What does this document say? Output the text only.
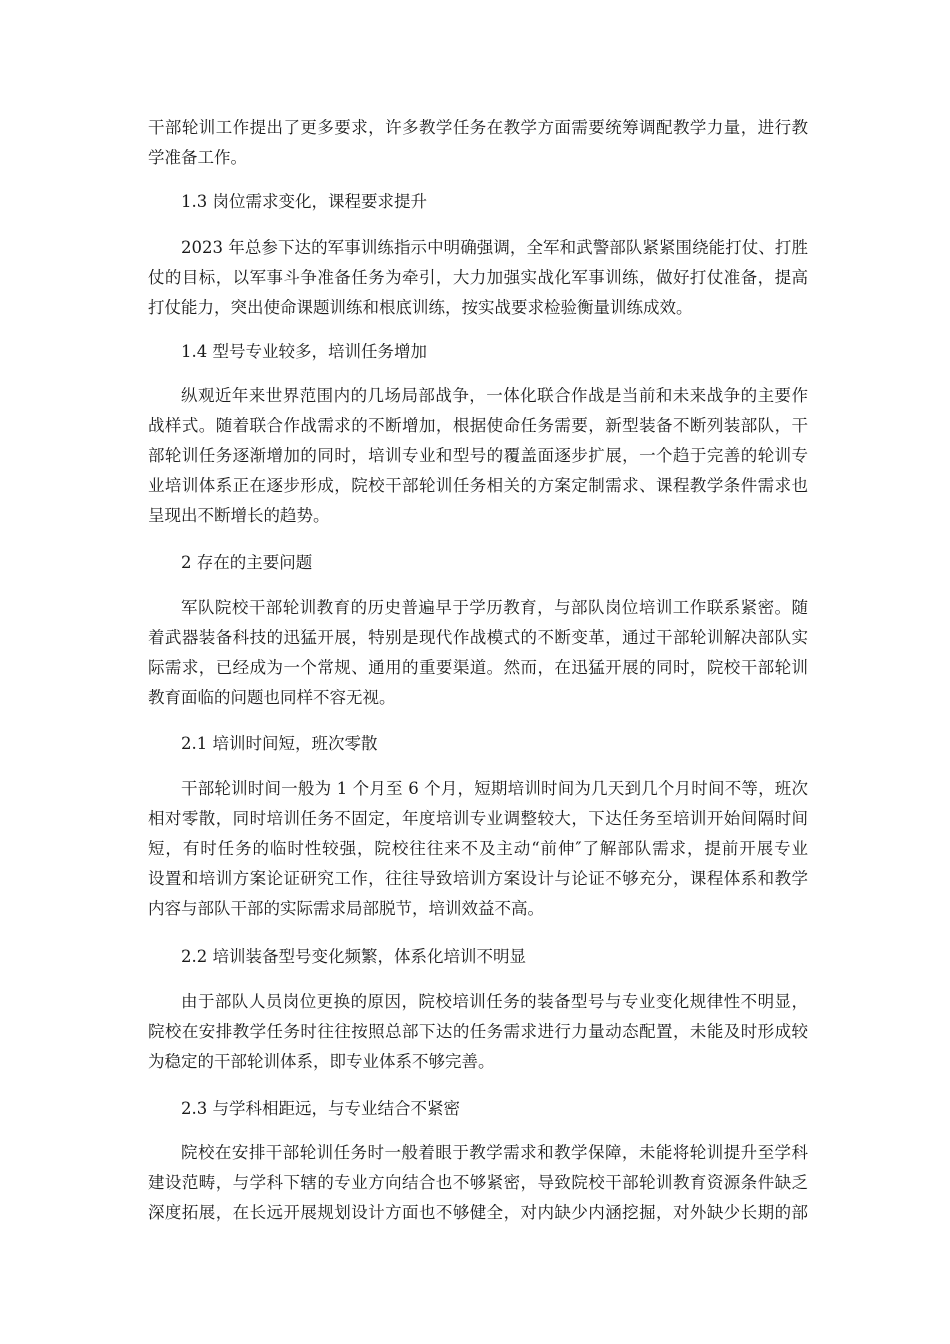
干部轮训工作提出了更多要求，许多教学任务在教学方面需要统筹调配教学力量，进行教
学准备工作。
1.3 岗位需求变化，课程要求提升
2023 年总参下达的军事训练指示中明确强调，全军和武警部队紧紧围绕能打仗、打胜
仗的目标，以军事斗争准备任务为牵引，大力加强实战化军事训练，做好打仗准备，提高
打仗能力，突出使命课题训练和根底训练，按实战要求检验衡量训练成效。
1.4 型号专业较多，培训任务增加
纵观近年来世界范围内的几场局部战争，一体化联合作战是当前和未来战争的主要作
战样式。随着联合作战需求的不断增加，根据使命任务需要，新型装备不断列装部队，干
部轮训任务逐渐增加的同时，培训专业和型号的覆盖面逐步扩展，一个趋于完善的轮训专
业培训体系正在逐步形成，院校干部轮训任务相关的方案定制需求、课程教学条件需求也
呈现出不断增长的趋势。
2 存在的主要问题
军队院校干部轮训教育的历史普遍早于学历教育，与部队岗位培训工作联系紧密。随
着武器装备科技的迅猛开展，特别是现代作战模式的不断变革，通过干部轮训解决部队实
际需求，已经成为一个常规、通用的重要渠道。然而，在迅猛开展的同时，院校干部轮训
教育面临的问题也同样不容无视。
2.1 培训时间短，班次零散
干部轮训时间一般为 1 个月至 6 个月，短期培训时间为几天到几个月时间不等，班次
相对零散，同时培训任务不固定，年度培训专业调整较大，下达任务至培训开始间隔时间
短，有时任务的临时性较强，院校往往来不及主动“前伸″了解部队需求，提前开展专业
设置和培训方案论证研究工作，往往导致培训方案设计与论证不够充分，课程体系和教学
内容与部队干部的实际需求局部脱节，培训效益不高。
2.2 培训装备型号变化频繁，体系化培训不明显
由于部队人员岗位更换的原因，院校培训任务的装备型号与专业变化规律性不明显，
院校在安排教学任务时往往按照总部下达的任务需求进行力量动态配置，未能及时形成较
为稳定的干部轮训体系，即专业体系不够完善。
2.3 与学科相距远，与专业结合不紧密
院校在安排干部轮训任务时一般着眼于教学需求和教学保障，未能将轮训提升至学科
建设范畴，与学科下辖的专业方向结合也不够紧密，导致院校干部轮训教育资源条件缺乏
深度拓展，在长远开展规划设计方面也不够健全，对内缺少内涵挖掘，对外缺少长期的部
